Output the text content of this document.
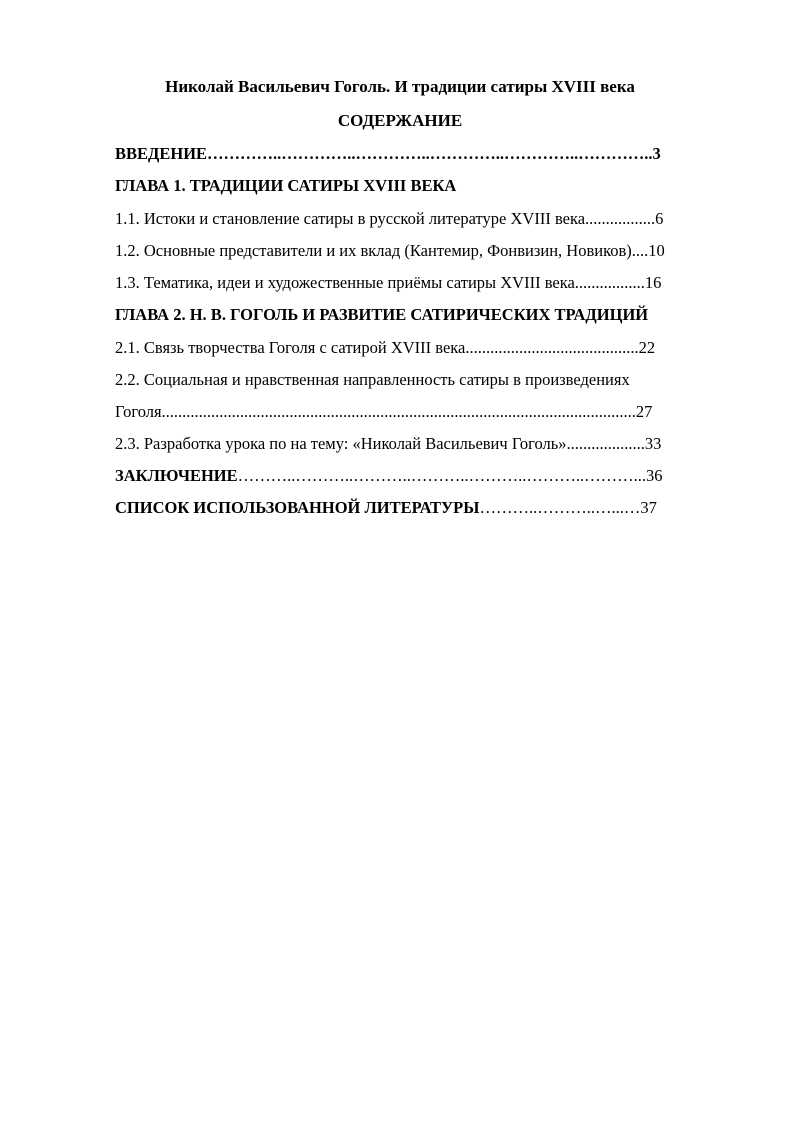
Николай Васильевич Гоголь. И традиции сатиры XVIII века
СОДЕРЖАНИЕ
ВВЕДЕНИЕ…………..…………..…………..…………..…………..…………..3
ГЛАВА 1. ТРАДИЦИИ САТИРЫ XVIII ВЕКА
1.1. Истоки и становление сатиры в русской литературе XVIII века.................6
1.2. Основные представители и их вклад (Кантемир, Фонвизин, Новиков)....10
1.3. Тематика, идеи и художественные приёмы сатиры XVIII века.................16
ГЛАВА 2. Н. В. ГОГОЛЬ И РАЗВИТИЕ САТИРИЧЕСКИХ ТРАДИЦИЙ
2.1. Связь творчества Гоголя с сатирой XVIII века..........................................22
2.2. Социальная и нравственная направленность сатиры в произведениях
Гоголя...................................................................................................................27
2.3. Разработка урока по на тему: «Николай Васильевич Гоголь»...................33
ЗАКЛЮЧЕНИЕ………..………..………..………..………..………..………...36
СПИСОК ИСПОЛЬЗОВАННОЙ ЛИТЕРАТУРЫ………..………..…...…37
